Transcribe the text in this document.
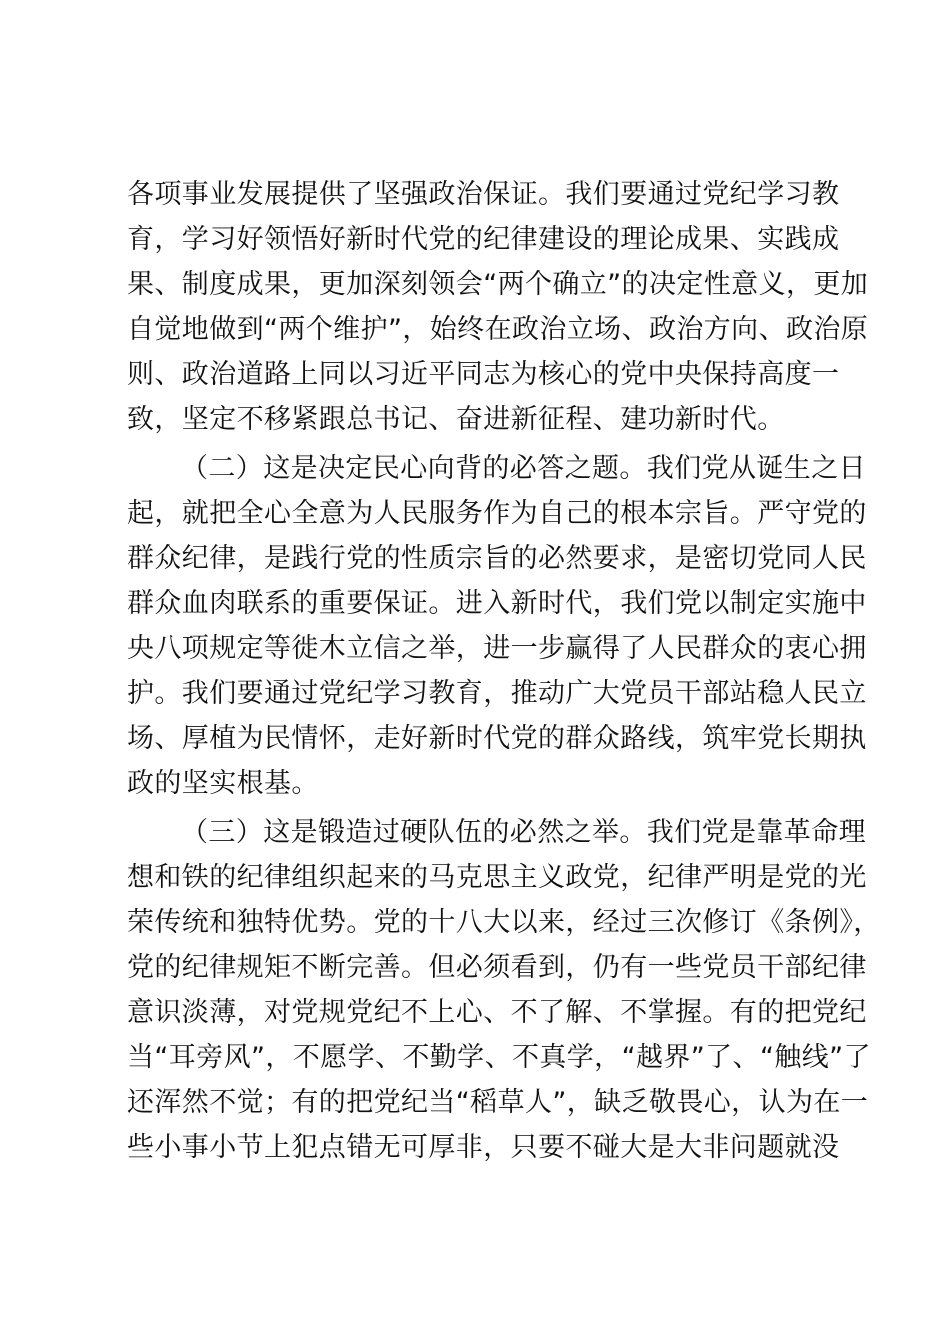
各项事业发展提供了坚强政治保证。我们要通过党纪学习教
育，学习好领悟好新时代党的纪律建设的理论成果、实践成
果、制度成果，更加深刻领会“两个确立”的决定性意义，更加
自觉地做到“两个维护”，始终在政治立场、政治方向、政治原
则、政治道路上同以习近平同志为核心的党中央保持高度一
致，坚定不移紧跟总书记、奋进新征程、建功新时代。
（二）这是决定民心向背的必答之题。我们党从诞生之日
起，就把全心全意为人民服务作为自己的根本宗旨。严守党的
群众纪律，是践行党的性质宗旨的必然要求，是密切党同人民
群众血肉联系的重要保证。进入新时代，我们党以制定实施中
央八项规定等徙木立信之举，进一步赢得了人民群众的衷心拥
护。我们要通过党纪学习教育，推动广大党员干部站稳人民立
场、厚植为民情怀，走好新时代党的群众路线，筑牢党长期执
政的坚实根基。
（三）这是锻造过硬队伍的必然之举。我们党是靠革命理
想和铁的纪律组织起来的马克思主义政党，纪律严明是党的光
荣传统和独特优势。党的十八大以来，经过三次修订《条例》，
党的纪律规矩不断完善。但必须看到，仍有一些党员干部纪律
意识淡薄，对党规党纪不上心、不了解、不掌握。有的把党纪
当“耳旁风”，不愿学、不勤学、不真学，“越界”了、“触线”了
还浑然不觉；有的把党纪当“稻草人”，缺乏敬畏心，认为在一
些小事小节上犯点错无可厚非，只要不碰大是大非问题就没
